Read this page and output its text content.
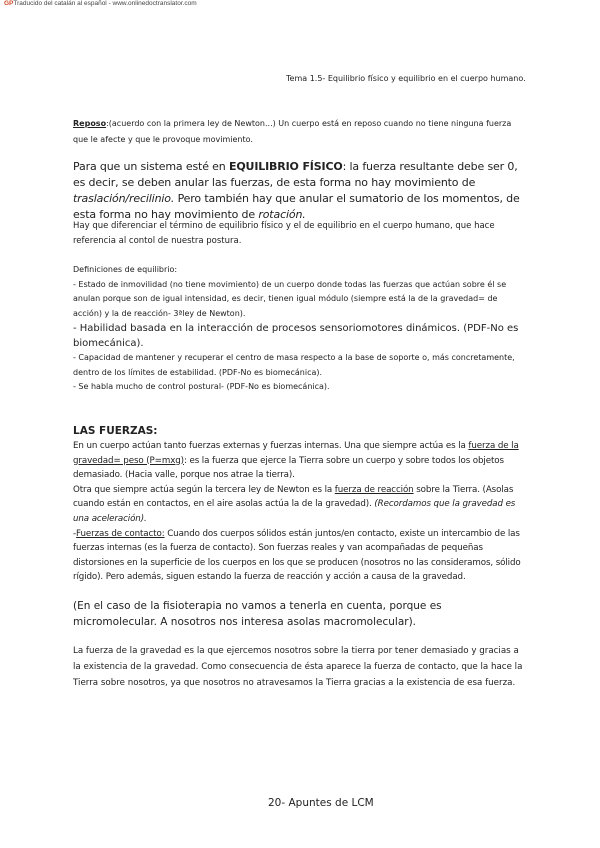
GPTraducido del catalán al español - www.onlinedoctranslator.com
Tema 1.5- Equilibrio físico y equilibrio en el cuerpo humano.
Reposo:(acuerdo con la primera ley de Newton...) Un cuerpo está en reposo cuando no tiene ninguna fuerza que le afecte y que le provoque movimiento.
Para que un sistema esté en EQUILIBRIO FÍSICO: la fuerza resultante debe ser 0, es decir, se deben anular las fuerzas, de esta forma no hay movimiento de traslación/recilinio. Pero también hay que anular el sumatorio de los momentos, de esta forma no hay movimiento de rotación.
Hay que diferenciar el término de equilibrio físico y el de equilibrio en el cuerpo humano, que hace referencia al contol de nuestra postura.

Definiciones de equilibrio:

- Estado de inmovilidad (no tiene movimiento) de un cuerpo donde todas las fuerzas que actúan sobre él se anulan porque son de igual intensidad, es decir, tienen igual módulo (siempre está la de la gravedad= de acción) y la de reacción- 3ªley de Newton).

- Habilidad basada en la interacción de procesos sensoriomotores dinámicos. (PDF-No es biomecánica).

- Capacidad de mantener y recuperar el centro de masa respecto a la base de soporte o, más concretamente, dentro de los límites de estabilidad. (PDF-No es biomecánica).

- Se habla mucho de control postural- (PDF-No es biomecánica).

LAS FUERZAS:

En un cuerpo actúan tanto fuerzas externas y fuerzas internas. Una que siempre actúa es la fuerza de la gravedad= peso (P=mxg): es la fuerza que ejerce la Tierra sobre un cuerpo y sobre todos los objetos demasiado. (Hacia valle, porque nos atrae la tierra).

Otra que siempre actúa según la tercera ley de Newton es la fuerza de reacción sobre la Tierra. (Asolas cuando están en contactos, en el aire asolas actúa la de la gravedad). (Recordamos que la gravedad es una aceleración).

-Fuerzas de contacto: Cuando dos cuerpos sólidos están juntos/en contacto, existe un intercambio de las fuerzas internas (es la fuerza de contacto). Son fuerzas reales y van acompañadas de pequeñas distorsiones en la superficie de los cuerpos en los que se producen (nosotros no las consideramos, sólido rígido). Pero además, siguen estando la fuerza de reacción y acción a causa de la gravedad.

(En el caso de la fisioterapia no vamos a tenerla en cuenta, porque es micromolecular. A nosotros nos interesa asolas macromolecular).
La fuerza de la gravedad es la que ejercemos nosotros sobre la tierra por tener demasiado y gracias a la existencia de la gravedad. Como consecuencia de ésta aparece la fuerza de contacto, que la hace la Tierra sobre nosotros, ya que nosotros no atravesamos la Tierra gracias a la existencia de esa fuerza.
20- Apuntes de LCM
